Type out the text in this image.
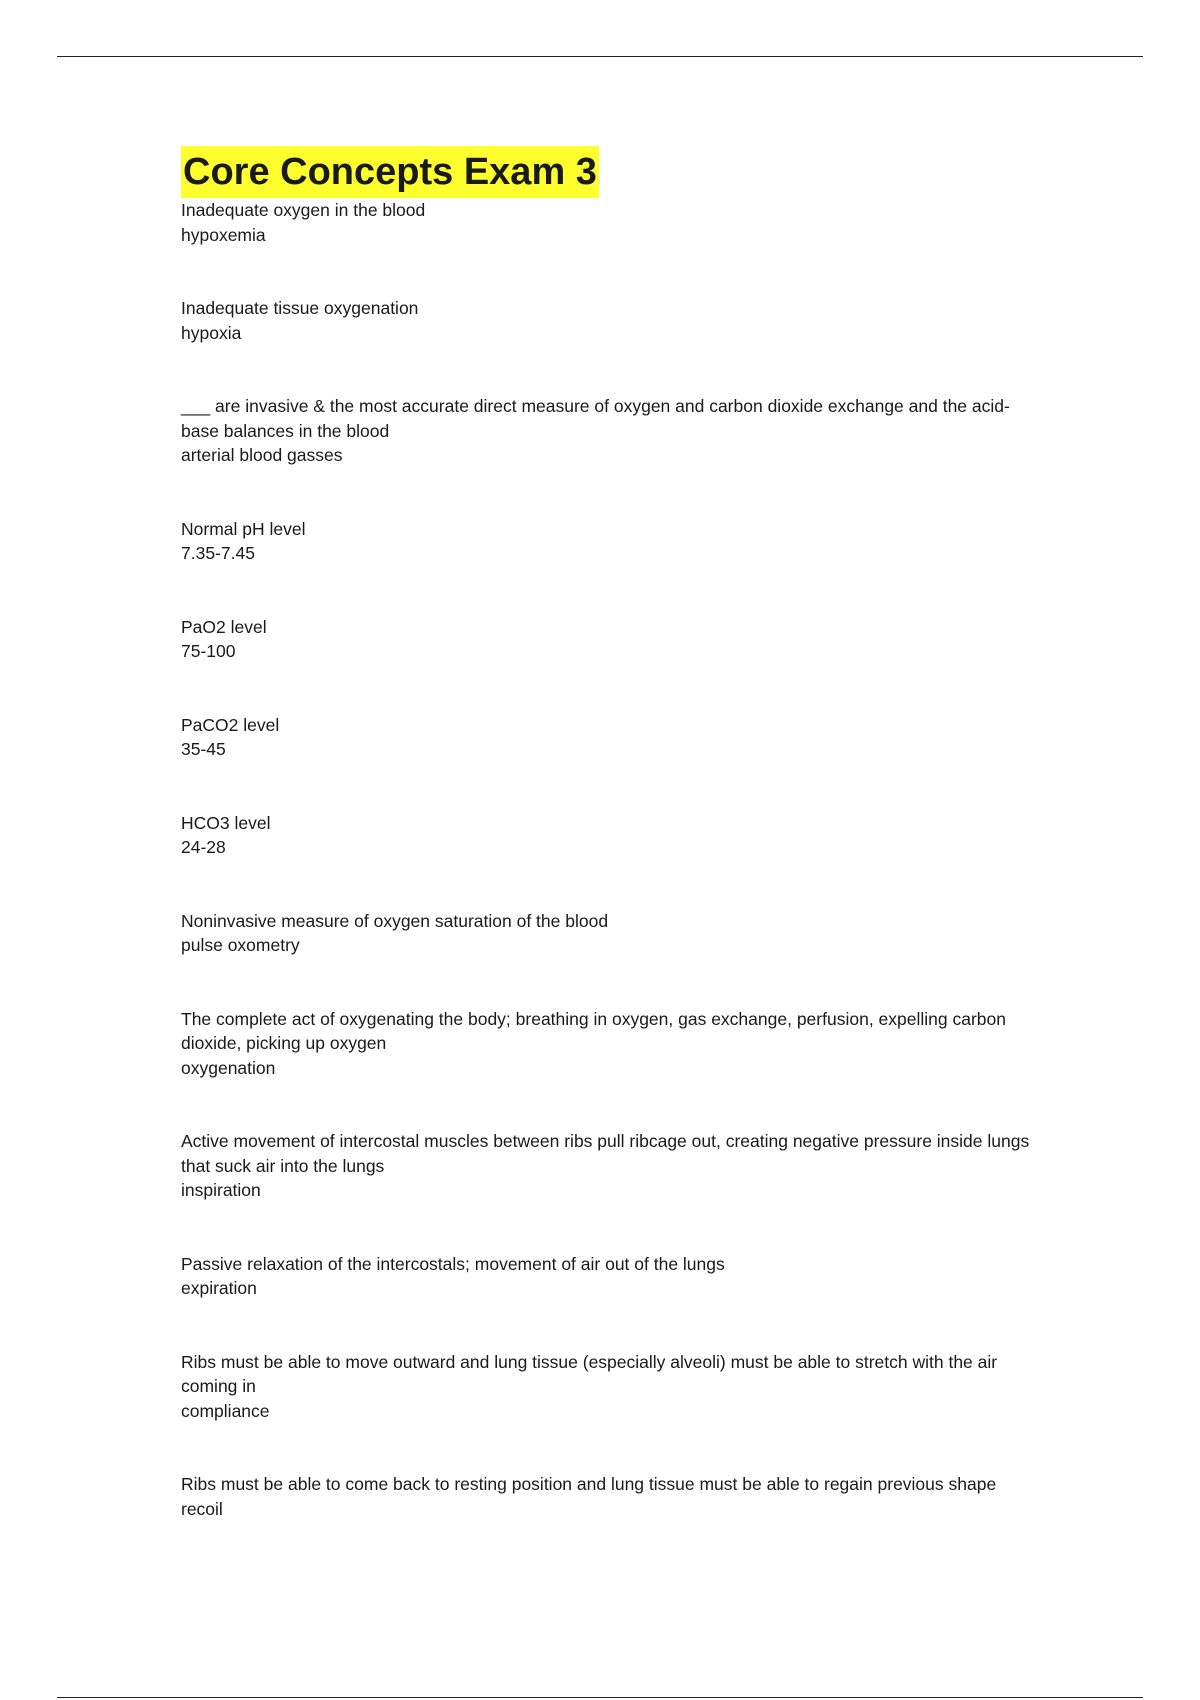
Core Concepts Exam 3

Inadequate oxygen in the blood

hypoxemia

Inadequate tissue oxygenation

hypoxia

___ are invasive & the most accurate direct measure of oxygen and carbon dioxide exchange and the acid-base balances in the blood

arterial blood gasses

Normal pH level

7.35-7.45

PaO2 level

75-100

PaCO2 level

35-45

HCO3 level

24-28

Noninvasive measure of oxygen saturation of the blood

pulse oxometry

The complete act of oxygenating the body; breathing in oxygen, gas exchange, perfusion, expelling carbon dioxide, picking up oxygen

oxygenation

Active movement of intercostal muscles between ribs pull ribcage out, creating negative pressure inside lungs that suck air into the lungs

inspiration

Passive relaxation of the intercostals; movement of air out of the lungs

expiration

Ribs must be able to move outward and lung tissue (especially alveoli) must be able to stretch with the air coming in

compliance

Ribs must be able to come back to resting position and lung tissue must be able to regain previous shape

recoil
